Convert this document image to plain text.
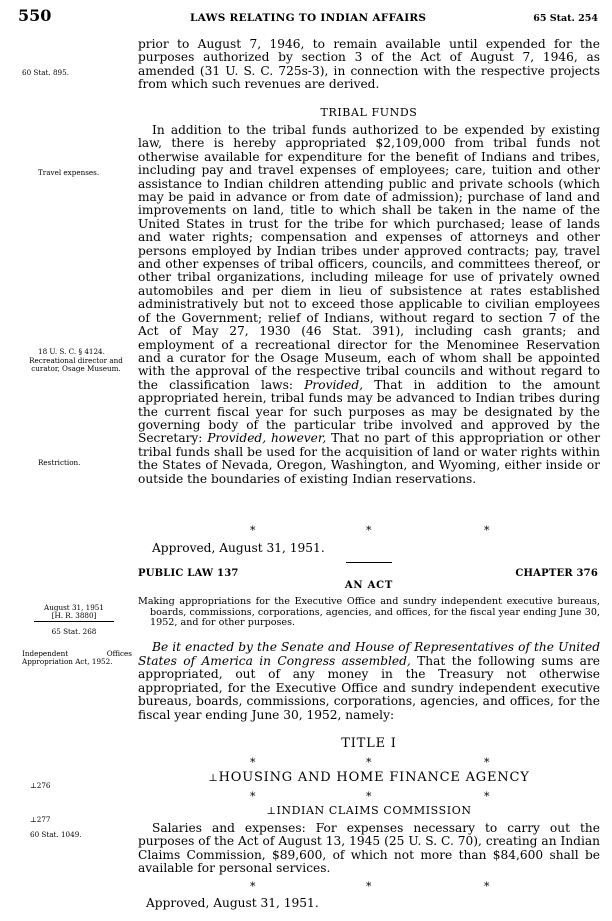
550	LAWS RELATING TO INDIAN AFFAIRS	65 Stat. 254
prior to August 7, 1946, to remain available until expended for the purposes authorized by section 3 of the Act of August 7, 1946, as amended (31 U. S. C. 725s-3), in connection with the respective projects from which such revenues are derived.
TRIBAL FUNDS
In addition to the tribal funds authorized to be expended by existing law, there is hereby appropriated $2,109,000 from tribal funds not otherwise available for expenditure for the benefit of Indians and tribes, including pay and travel expenses of employees; care, tuition and other assistance to Indian children attending public and private schools (which may be paid in advance or from date of admission); purchase of land and improvements on land, title to which shall be taken in the name of the United States in trust for the tribe for which purchased; lease of lands and water rights; compensation and expenses of attorneys and other persons employed by Indian tribes under approved contracts; pay, travel and other expenses of tribal officers, councils, and committees thereof, or other tribal organizations, including mileage for use of privately owned automobiles and per diem in lieu of subsistence at rates established administratively but not to exceed those applicable to civilian employees of the Government; relief of Indians, without regard to section 7 of the Act of May 27, 1930 (46 Stat. 391), including cash grants; and employment of a recreational director for the Menominee Reservation and a curator for the Osage Museum, each of whom shall be appointed with the approval of the respective tribal councils and without regard to the classification laws: Provided, That in addition to the amount appropriated herein, tribal funds may be advanced to Indian tribes during the current fiscal year for such purposes as may be designated by the governing body of the particular tribe involved and approved by the Secretary: Provided, however, That no part of this appropriation or other tribal funds shall be used for the acquisition of land or water rights within the States of Nevada, Oregon, Washington, and Wyoming, either inside or outside the boundaries of existing Indian reservations.
*	*	*
Approved, August 31, 1951.
PUBLIC LAW 137	CHAPTER 376
AN ACT
Making appropriations for the Executive Office and sundry independent executive bureaus, boards, commissions, corporations, agencies, and offices, for the fiscal year ending June 30, 1952, and for other purposes.
Be it enacted by the Senate and House of Representatives of the United States of America in Congress assembled, That the following sums are appropriated, out of any money in the Treasury not otherwise appropriated, for the Executive Office and sundry independent executive bureaus, boards, commissions, corporations, agencies, and offices, for the fiscal year ending June 30, 1952, namely:
TITLE I
*	*	*
⊥HOUSING AND HOME FINANCE AGENCY
*	*	*
⊥INDIAN CLAIMS COMMISSION
Salaries and expenses: For expenses necessary to carry out the purposes of the Act of August 13, 1945 (25 U. S. C. 70), creating an Indian Claims Commission, $89,600, of which not more than $84,600 shall be available for personal services.
*	*	*
Approved, August 31, 1951.
60 Stat. 895.
Travel expenses.
18 U. S. C. § 4124.
Recreational director and curator, Osage Museum.
Restriction.
August 31, 1951
[H. R. 3880]
65 Stat. 268
Independent Offices Appropriation Act, 1952.
⊥276
⊥277
60 Stat. 1049.
